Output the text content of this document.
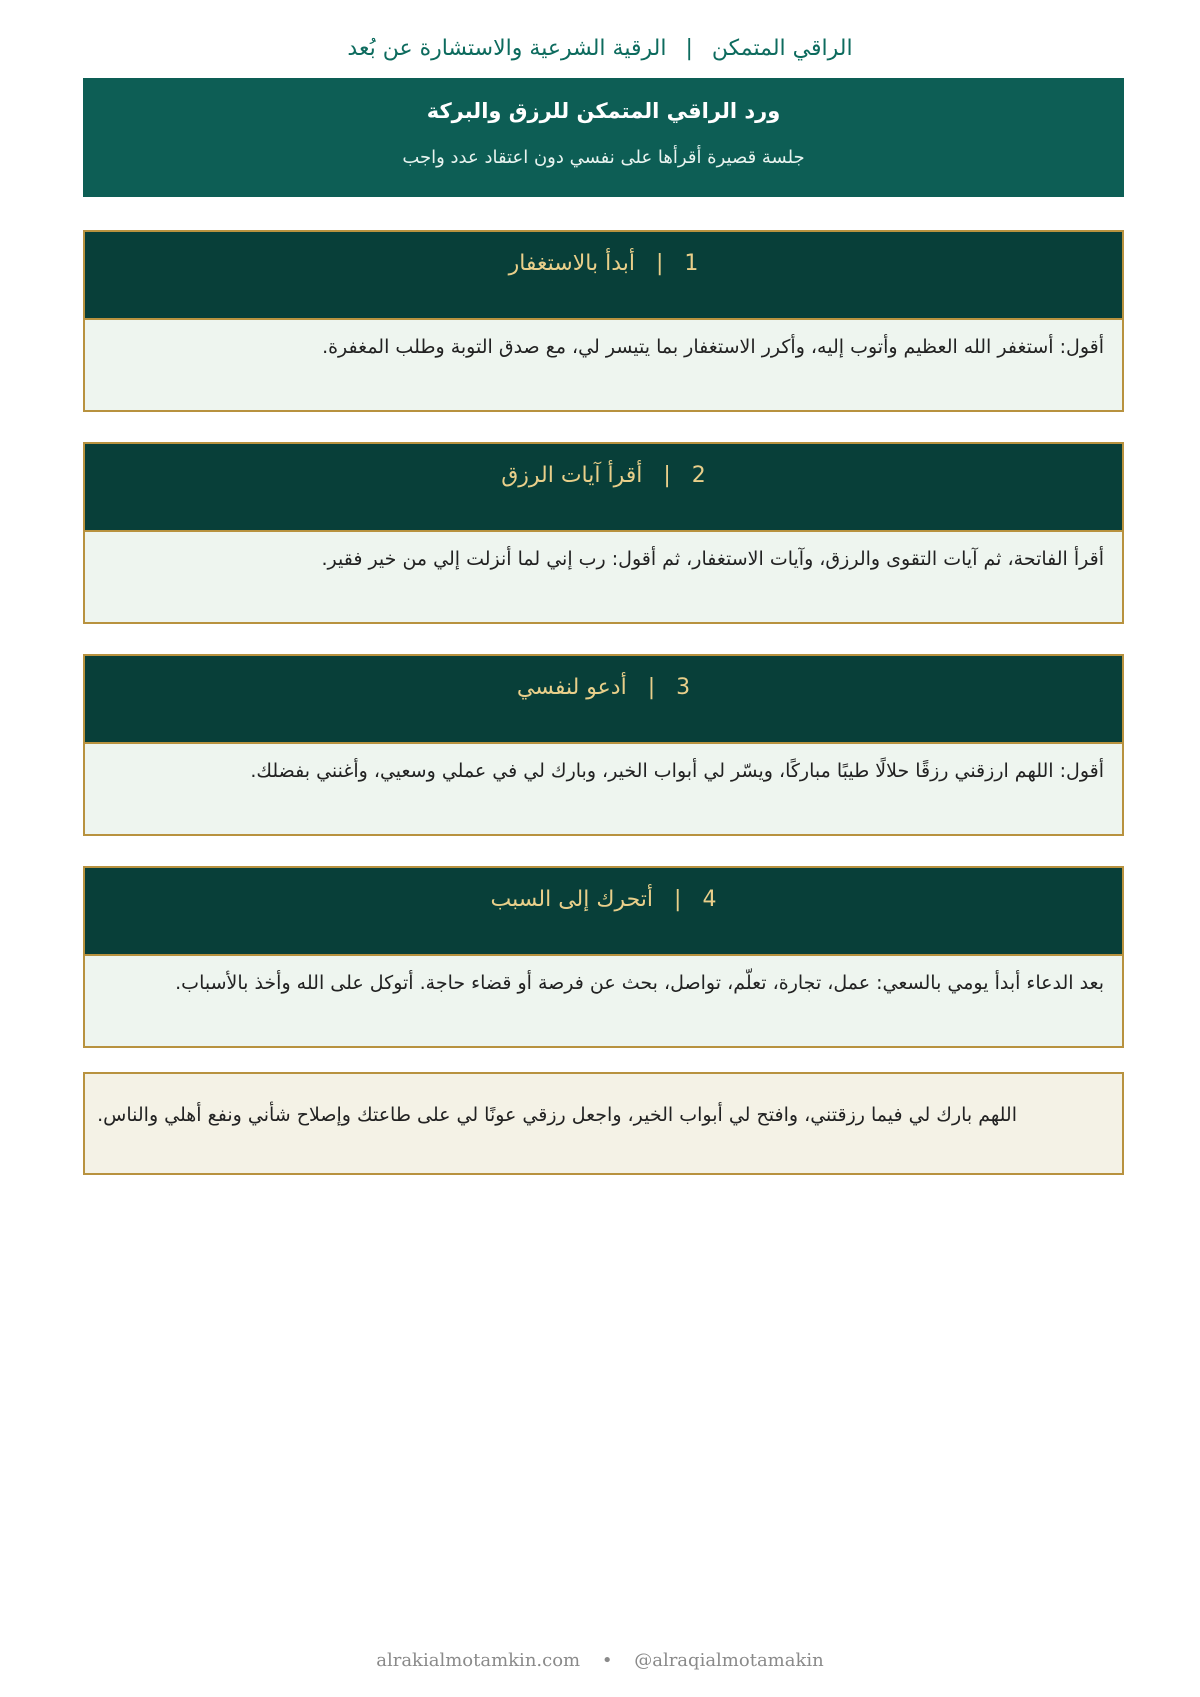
الراقي المتمكن | الرقية الشرعية والاستشارة عن بُعد
ورد الراقي المتمكن للرزق والبركة
جلسة قصيرة أقرأها على نفسي دون اعتقاد عدد واجب
1 | أبدأ بالاستغفار
أقول: أستغفر الله العظيم وأتوب إليه، وأكرر الاستغفار بما يتيسر لي، مع صدق التوبة وطلب المغفرة.
2 | أقرأ آيات الرزق
أقرأ الفاتحة، ثم آيات التقوى والرزق، وآيات الاستغفار، ثم أقول: رب إني لما أنزلت إلي من خير فقير.
3 | أدعو لنفسي
أقول: اللهم ارزقني رزقًا حلالًا طيبًا مباركًا، ويسّر لي أبواب الخير، وبارك لي في عملي وسعيي، وأغنني بفضلك.
4 | أتحرك إلى السبب
بعد الدعاء أبدأ يومي بالسعي: عمل، تجارة، تعلّم، تواصل، بحث عن فرصة أو قضاء حاجة. أتوكل على الله وأخذ بالأسباب.
اللهم بارك لي فيما رزقتني، وافتح لي أبواب الخير، واجعل رزقي عونًا لي على طاعتك وإصلاح شأني ونفع أهلي والناس.
alrakialmotamkin.com • @alraqialmotamakin
